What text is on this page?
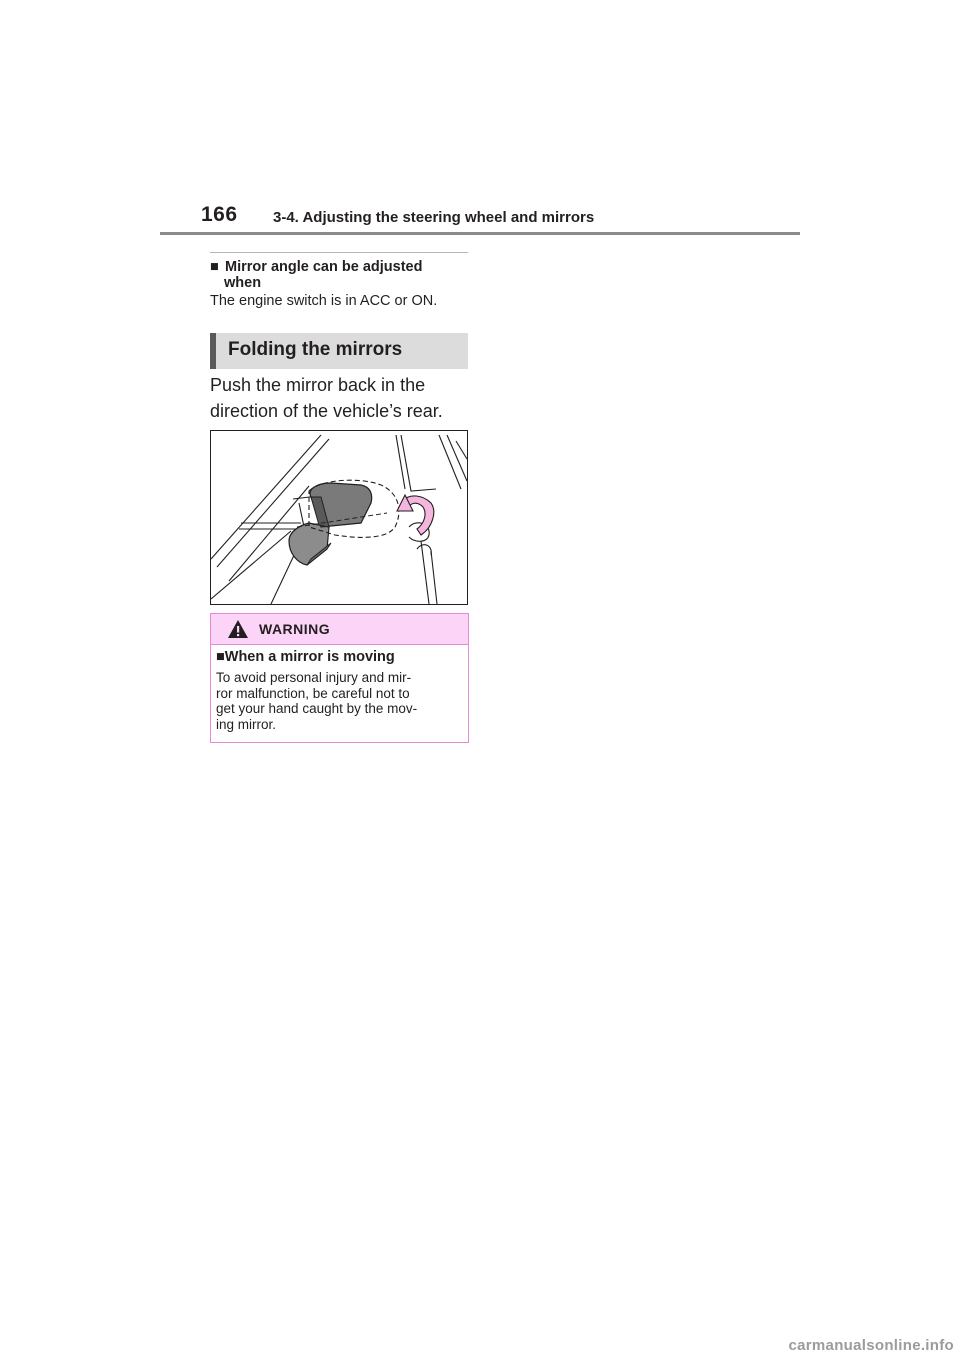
166 3-4. Adjusting the steering wheel and mirrors
■ Mirror angle can be adjusted
when
The engine switch is in ACC or ON.
Folding the mirrors
Push the mirror back in the
direction of the vehicle’s rear.
WARNING
■When a mirror is moving
To avoid personal injury and mir-
ror malfunction, be careful not to
get your hand caught by the mov-
ing mirror.
carmanualsonline.info
